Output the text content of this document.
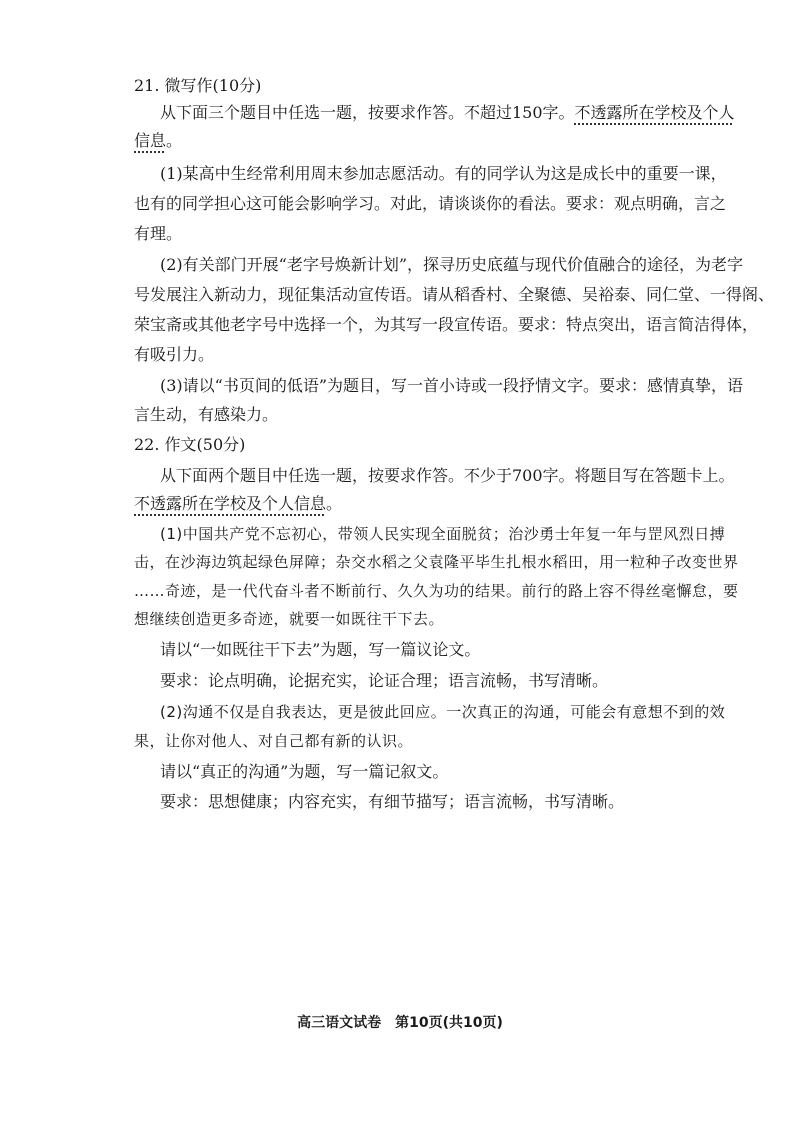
21. 微写作(10分)
从下面三个题目中任选一题，按要求作答。不超过150字。不透露所在学校及个人
信息。
(1)某高中生经常利用周末参加志愿活动。有的同学认为这是成长中的重要一课，
也有的同学担心这可能会影响学习。对此，请谈谈你的看法。要求：观点明确，言之
有理。
(2)有关部门开展“老字号焕新计划”，探寻历史底蕴与现代价值融合的途径，为老字
号发展注入新动力，现征集活动宣传语。请从稻香村、全聚德、吴裕泰、同仁堂、一得阁、
荣宝斋或其他老字号中选择一个，为其写一段宣传语。要求：特点突出，语言简洁得体，
有吸引力。
(3)请以“书页间的低语”为题目，写一首小诗或一段抒情文字。要求：感情真挚，语
言生动，有感染力。
22. 作文(50分)
从下面两个题目中任选一题，按要求作答。不少于700字。将题目写在答题卡上。
不透露所在学校及个人信息。
(1)中国共产党不忘初心，带领人民实现全面脱贫；治沙勇士年复一年与罡风烈日搏
击，在沙海边筑起绿色屏障；杂交水稻之父袁隆平毕生扎根水稻田，用一粒种子改变世界
……奇迹，是一代代奋斗者不断前行、久久为功的结果。前行的路上容不得丝毫懈怠，要
想继续创造更多奇迹，就要一如既往干下去。
请以“一如既往干下去”为题，写一篇议论文。
要求：论点明确，论据充实，论证合理；语言流畅，书写清晰。
(2)沟通不仅是自我表达，更是彼此回应。一次真正的沟通，可能会有意想不到的效
果，让你对他人、对自己都有新的认识。
请以“真正的沟通”为题，写一篇记叙文。
要求：思想健康；内容充实，有细节描写；语言流畅，书写清晰。
高三语文试卷　第10页(共10页)
